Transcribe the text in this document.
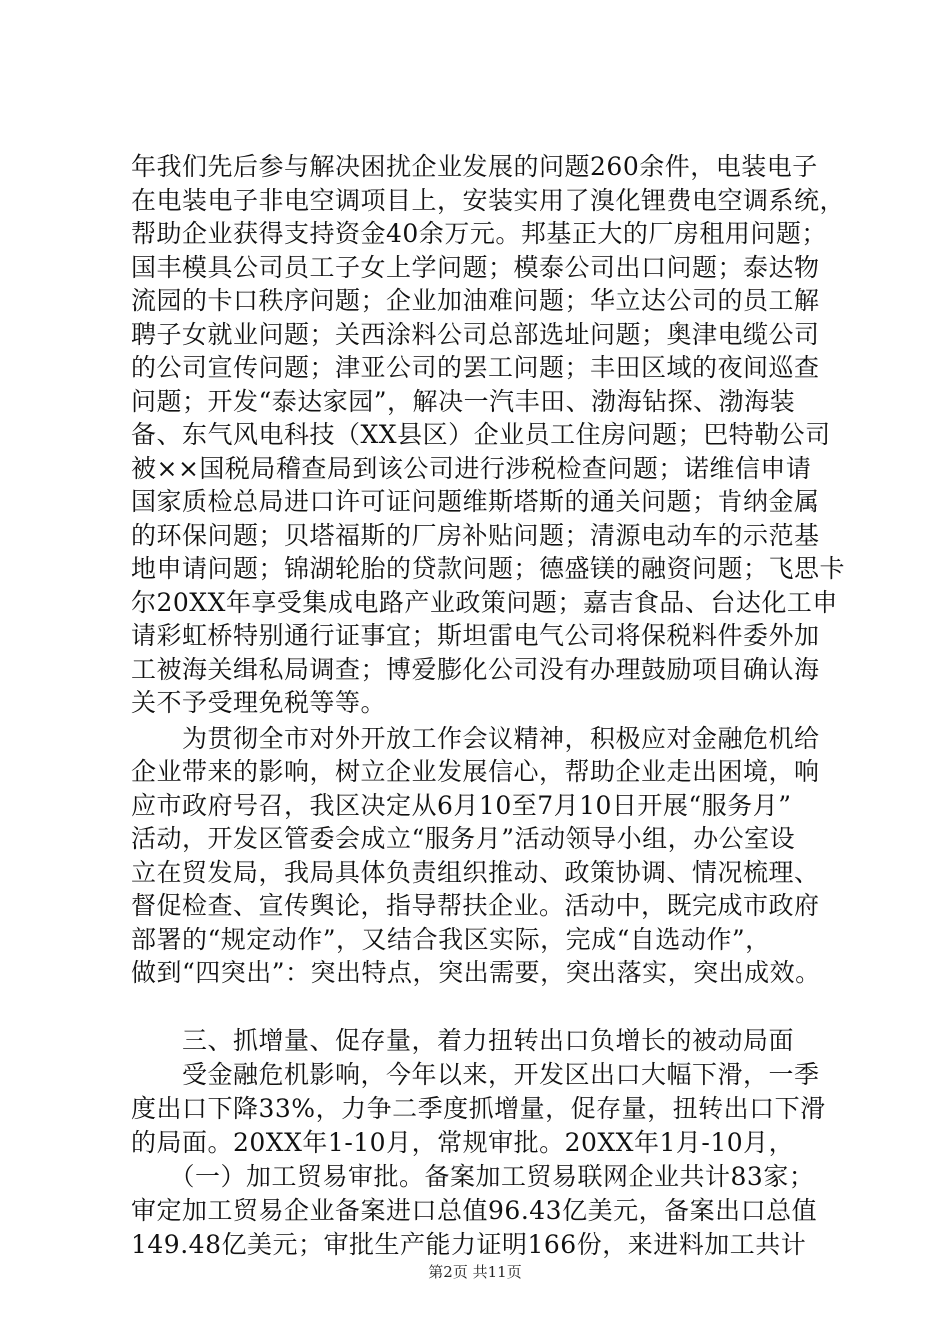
年我们先后参与解决困扰企业发展的问题260余件，电装电子
在电装电子非电空调项目上，安装实用了溴化锂费电空调系统，
帮助企业获得支持资金40余万元。邦基正大的厂房租用问题；
国丰模具公司员工子女上学问题；模泰公司出口问题；泰达物
流园的卡口秩序问题；企业加油难问题；华立达公司的员工解
聘子女就业问题；关西涂料公司总部选址问题；奥津电缆公司
的公司宣传问题；津亚公司的罢工问题；丰田区域的夜间巡查
问题；开发“泰达家园”，解决一汽丰田、渤海钻探、渤海装
备、东气风电科技（XX县区）企业员工住房问题；巴特勒公司
被××国税局稽查局到该公司进行涉税检查问题；诺维信申请
国家质检总局进口许可证问题维斯塔斯的通关问题；肯纳金属
的环保问题；贝塔福斯的厂房补贴问题；清源电动车的示范基
地申请问题；锦湖轮胎的贷款问题；德盛镁的融资问题；飞思卡
尔20XX年享受集成电路产业政策问题；嘉吉食品、台达化工申
请彩虹桥特别通行证事宜；斯坦雷电气公司将保税料件委外加
工被海关缉私局调查；博爱膨化公司没有办理鼓励项目确认海
关不予受理免税等等。
　　为贯彻全市对外开放工作会议精神，积极应对金融危机给
企业带来的影响，树立企业发展信心，帮助企业走出困境，响
应市政府号召，我区决定从6月10至7月10日开展“服务月”
活动，开发区管委会成立“服务月”活动领导小组，办公室设
立在贸发局，我局具体负责组织推动、政策协调、情况梳理、
督促检查、宣传舆论，指导帮扶企业。活动中，既完成市政府
部署的“规定动作”，又结合我区实际，完成“自选动作”，
做到“四突出”：突出特点，突出需要，突出落实，突出成效。
　　三、抓增量、促存量，着力扭转出口负增长的被动局面
　　受金融危机影响，今年以来，开发区出口大幅下滑，一季
度出口下降33%，力争二季度抓增量，促存量，扭转出口下滑
的局面。20XX年1-10月，常规审批。20XX年1月-10月，
　　（一）加工贸易审批。备案加工贸易联网企业共计83家；
审定加工贸易企业备案进口总值96.43亿美元，备案出口总值
149.48亿美元；审批生产能力证明166份，来进料加工共计
第2页 共11页
